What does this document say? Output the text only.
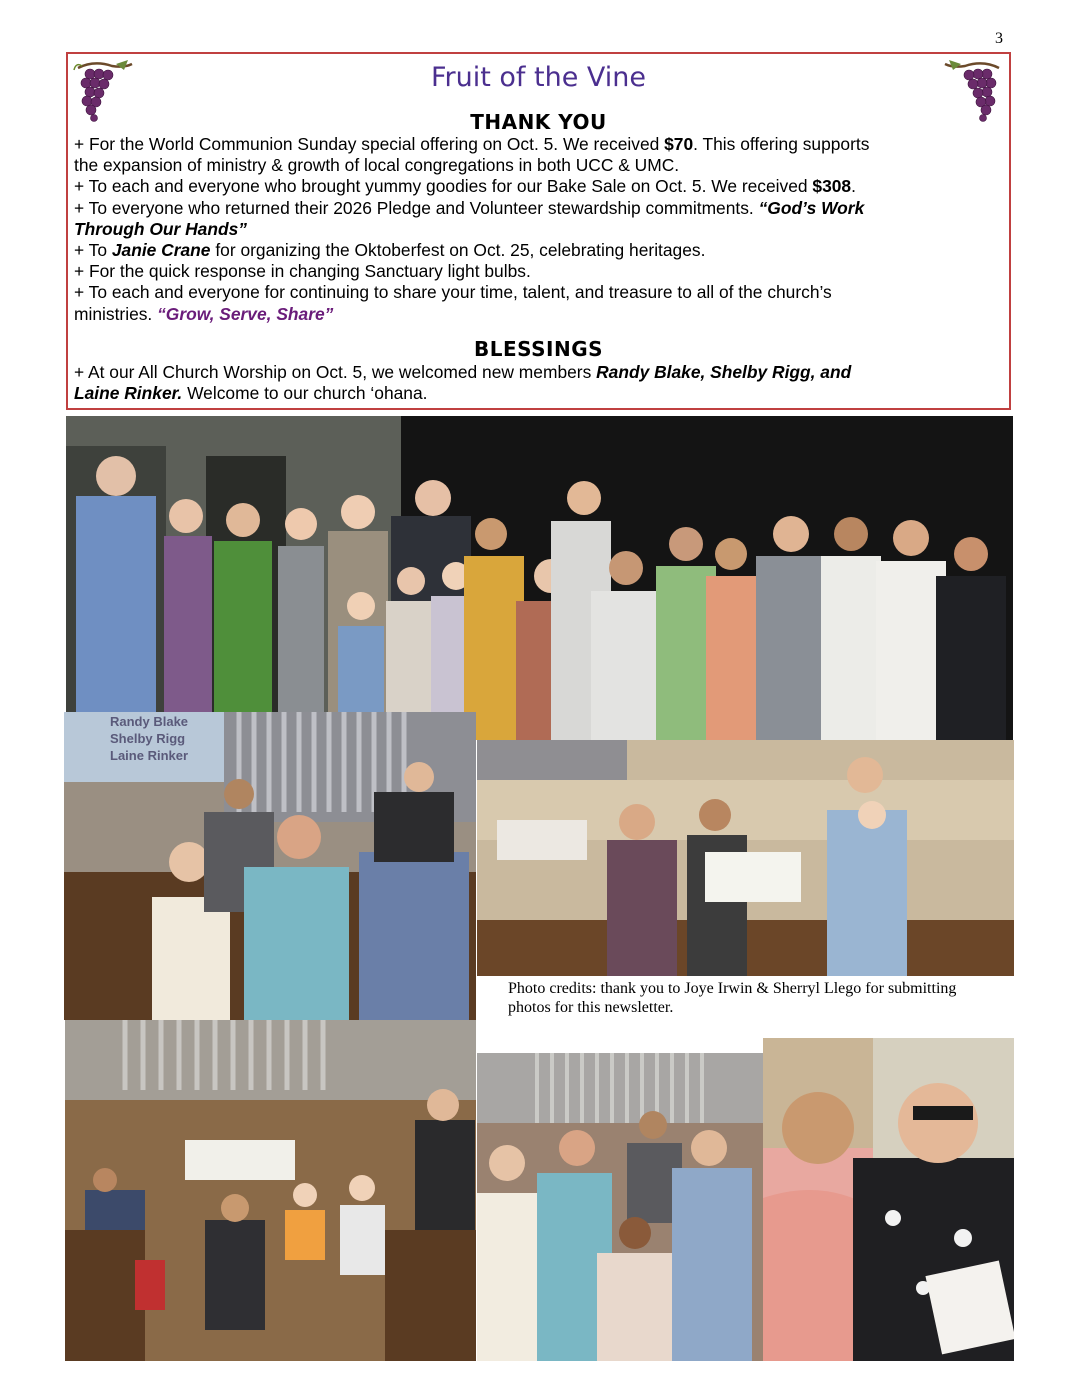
3
Fruit of the Vine
THANK YOU

+ For the World Communion Sunday special offering on Oct. 5. We received $70. This offering supports

the expansion of ministry & growth of local congregations in both UCC & UMC.

+ To each and everyone who brought yummy goodies for our Bake Sale on Oct. 5. We received $308.

+ To everyone who returned their 2026 Pledge and Volunteer stewardship commitments. “God’s Work

Through Our Hands”

+ To Janie Crane for organizing the Oktoberfest on Oct. 25, celebrating heritages.

+ For the quick response in changing Sanctuary light bulbs.

+ To each and everyone for continuing to share your time, talent, and treasure to all of the church’s

ministries. “Grow, Serve, Share”

BLESSINGS

+ At our All Church Worship on Oct. 5, we welcomed new members Randy Blake, Shelby Rigg, and

Laine Rinker. Welcome to our church ‘ohana.

Randy Blake
Shelby Rigg
Laine Rinker
Photo credits: thank you to Joye Irwin & Sherryl Llego for submitting
photos for this newsletter.
